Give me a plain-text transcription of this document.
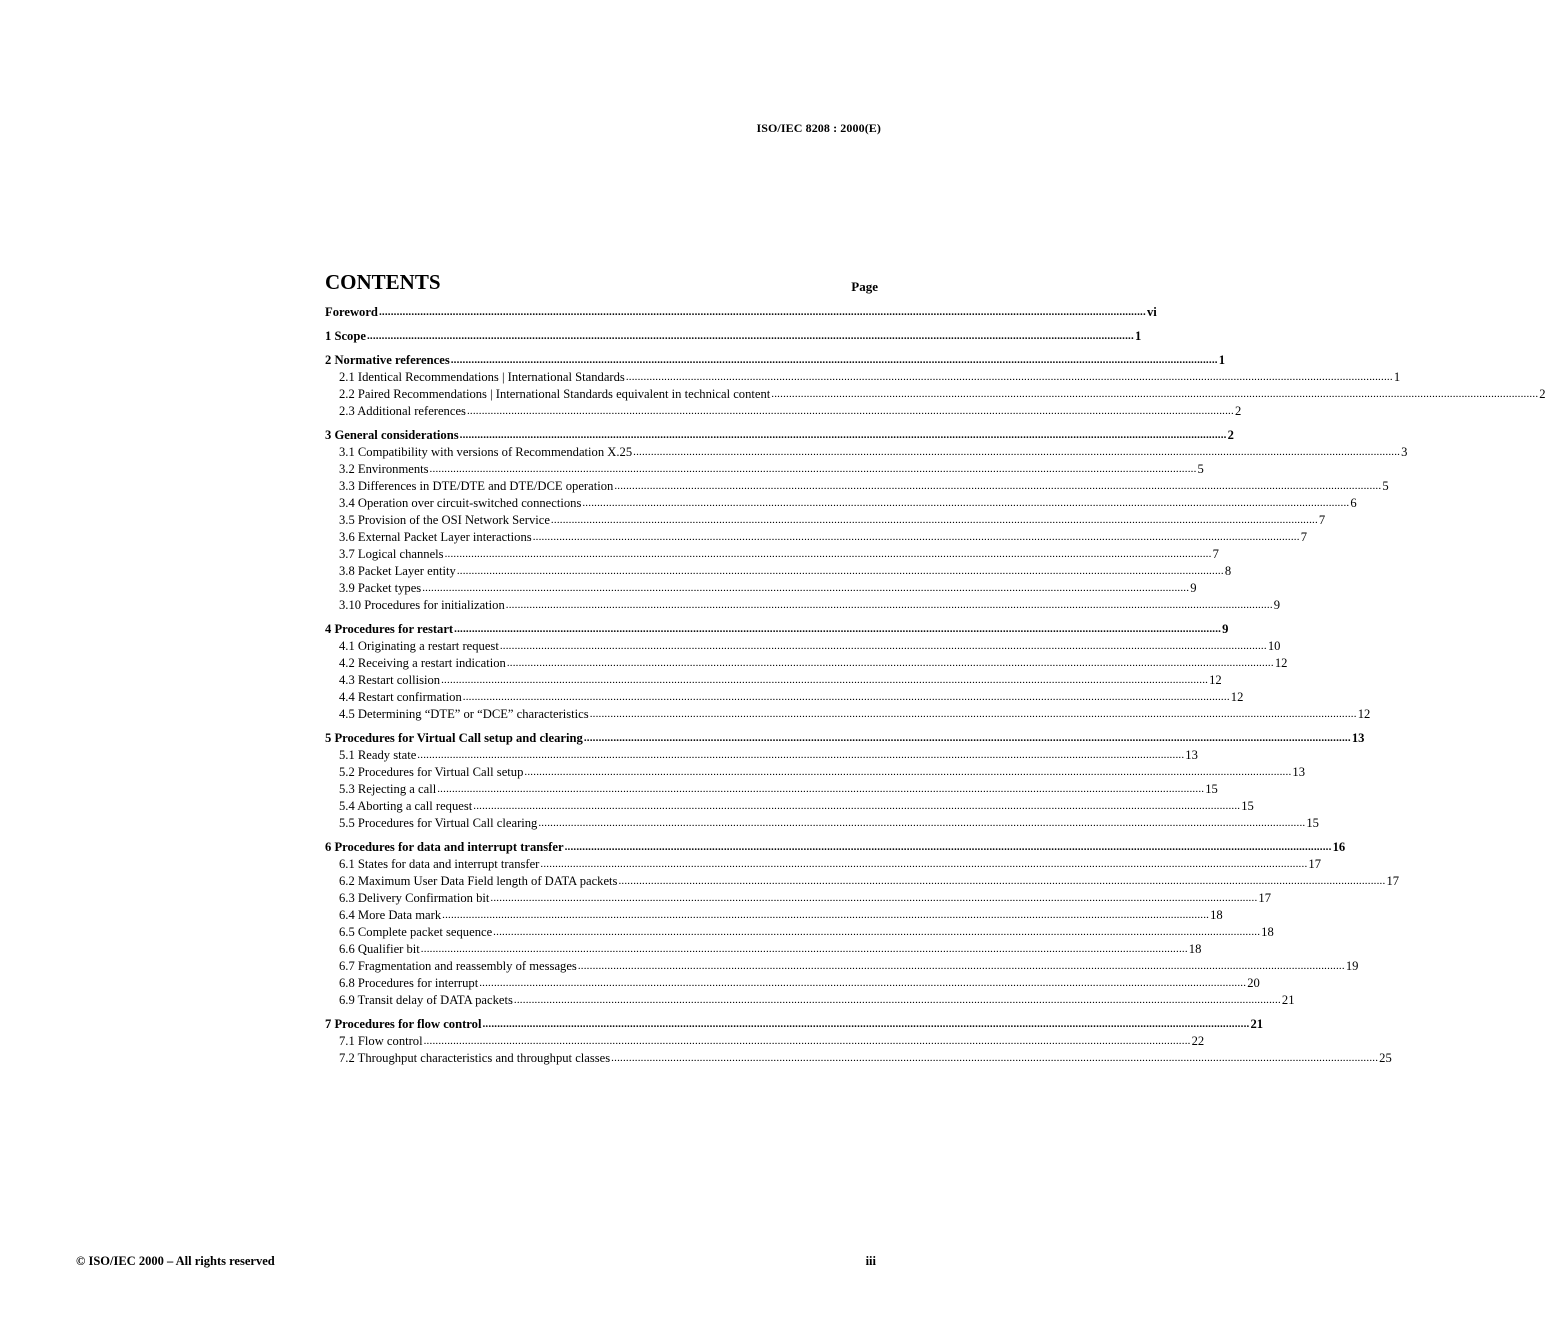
ISO/IEC 8208 : 2000(E)
CONTENTS	Page
Foreword .................................................................................................................................................................................................................................................................... vi
1 Scope .................................................................................................................................................................................................................................................................... 1
2 Normative references .................................................................................................................................................................................................................................................................... 1
2.1 Identical Recommendations | International Standards .................................................................................................................................................................................................................................................................... 1
2.2 Paired Recommendations | International Standards equivalent in technical content .................................................................................................................................................................................................................................................................... 2
2.3 Additional references .................................................................................................................................................................................................................................................................... 2
3 General considerations .................................................................................................................................................................................................................................................................... 2
3.1 Compatibility with versions of Recommendation X.25 .................................................................................................................................................................................................................................................................... 3
3.2 Environments .................................................................................................................................................................................................................................................................... 5
3.3 Differences in DTE/DTE and DTE/DCE operation .................................................................................................................................................................................................................................................................... 5
3.4 Operation over circuit-switched connections .................................................................................................................................................................................................................................................................... 6
3.5 Provision of the OSI Network Service .................................................................................................................................................................................................................................................................... 7
3.6 External Packet Layer interactions .................................................................................................................................................................................................................................................................... 7
3.7 Logical channels .................................................................................................................................................................................................................................................................... 7
3.8 Packet Layer entity .................................................................................................................................................................................................................................................................... 8
3.9 Packet types .................................................................................................................................................................................................................................................................... 9
3.10 Procedures for initialization .................................................................................................................................................................................................................................................................... 9
4 Procedures for restart .................................................................................................................................................................................................................................................................... 9
4.1 Originating a restart request .................................................................................................................................................................................................................................................................... 10
4.2 Receiving a restart indication .................................................................................................................................................................................................................................................................... 12
4.3 Restart collision .................................................................................................................................................................................................................................................................... 12
4.4 Restart confirmation .................................................................................................................................................................................................................................................................... 12
4.5 Determining “DTE” or “DCE” characteristics .................................................................................................................................................................................................................................................................... 12
5 Procedures for Virtual Call setup and clearing .................................................................................................................................................................................................................................................................... 13
5.1 Ready state .................................................................................................................................................................................................................................................................... 13
5.2 Procedures for Virtual Call setup .................................................................................................................................................................................................................................................................... 13
5.3 Rejecting a call .................................................................................................................................................................................................................................................................... 15
5.4 Aborting a call request .................................................................................................................................................................................................................................................................... 15
5.5 Procedures for Virtual Call clearing .................................................................................................................................................................................................................................................................... 15
6 Procedures for data and interrupt transfer .................................................................................................................................................................................................................................................................... 16
6.1 States for data and interrupt transfer .................................................................................................................................................................................................................................................................... 17
6.2 Maximum User Data Field length of DATA packets .................................................................................................................................................................................................................................................................... 17
6.3 Delivery Confirmation bit .................................................................................................................................................................................................................................................................... 17
6.4 More Data mark .................................................................................................................................................................................................................................................................... 18
6.5 Complete packet sequence .................................................................................................................................................................................................................................................................... 18
6.6 Qualifier bit .................................................................................................................................................................................................................................................................... 18
6.7 Fragmentation and reassembly of messages .................................................................................................................................................................................................................................................................... 19
6.8 Procedures for interrupt .................................................................................................................................................................................................................................................................... 20
6.9 Transit delay of DATA packets .................................................................................................................................................................................................................................................................... 21
7 Procedures for flow control .................................................................................................................................................................................................................................................................... 21
7.1 Flow control .................................................................................................................................................................................................................................................................... 22
7.2 Throughput characteristics and throughput classes .................................................................................................................................................................................................................................................................... 25
© ISO/IEC 2000 – All rights reserved	iii
